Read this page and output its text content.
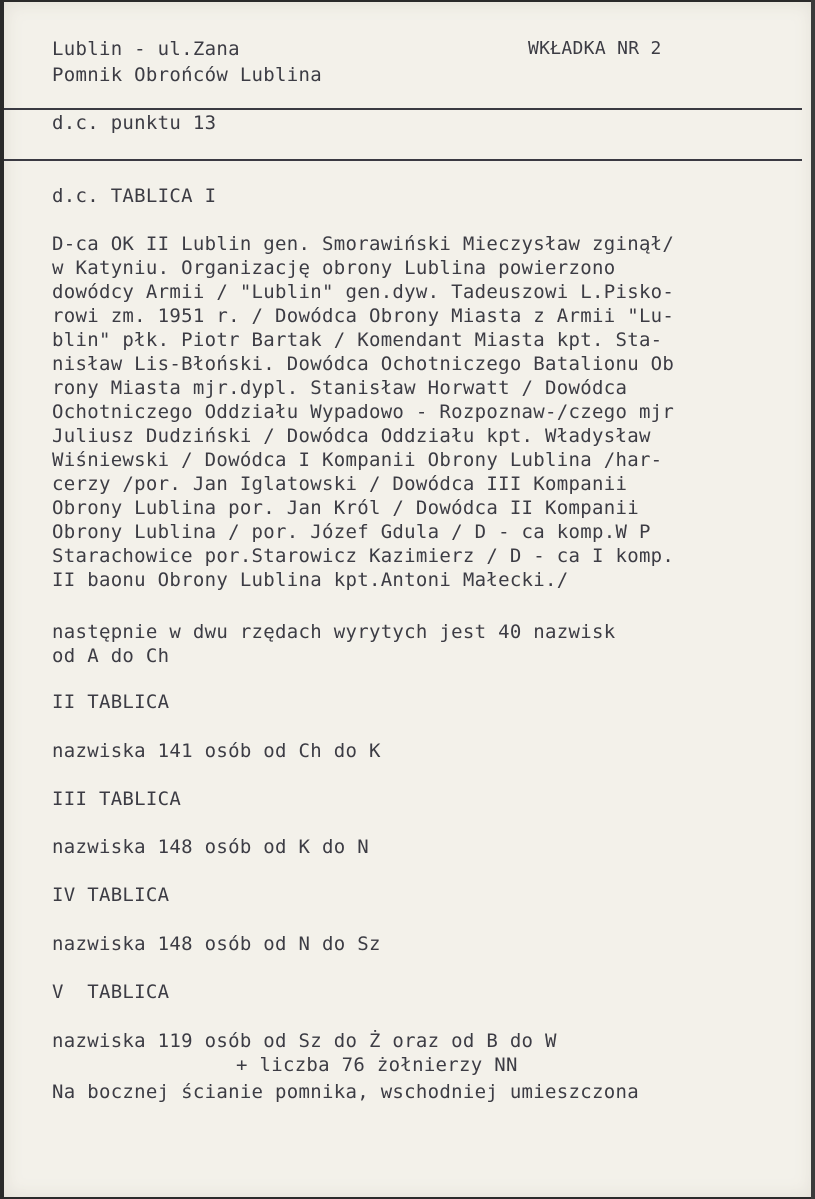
Lublin - ul.Zana
Pomnik Obrońców Lublina
WKŁADKA NR 2
d.c. punktu 13
d.c. TABLICA I
D-ca OK II Lublin gen. Smorawiński Mieczysław zginął/
w Katyniu. Organizację obrony Lublina powierzono
dowódcy Armii / "Lublin" gen.dyw. Tadeuszowi L.Pisko-
rowi zm. 1951 r. / Dowódca Obrony Miasta z Armii "Lu-
blin" płk. Piotr Bartak / Komendant Miasta kpt. Sta-
nisław Lis-Błoński. Dowódca Ochotniczego Batalionu Ob
rony Miasta mjr.dypl. Stanisław Horwatt / Dowódca
Ochotniczego Oddziału Wypadowo - Rozpoznaw-/czego mjr
Juliusz Dudziński / Dowódca Oddziału kpt. Władysław
Wiśniewski / Dowódca I Kompanii Obrony Lublina /har-
cerzy /por. Jan Iglatowski / Dowódca III Kompanii
Obrony Lublina por. Jan Król / Dowódca II Kompanii
Obrony Lublina / por. Józef Gdula / D - ca komp.W P
Starachowice por.Starowicz Kazimierz / D - ca I komp.
II baonu Obrony Lublina kpt.Antoni Małecki./
następnie w dwu rzędach wyrytych jest 40 nazwisk
od A do Ch
II TABLICA
nazwiska 141 osób od Ch do K
III TABLICA
nazwiska 148 osób od K do N
IV TABLICA
nazwiska 148 osób od N do Sz
V  TABLICA
nazwiska 119 osób od Sz do Ż oraz od B do W
+ liczba 76 żołnierzy NN
Na bocznej ścianie pomnika, wschodniej umieszczona
